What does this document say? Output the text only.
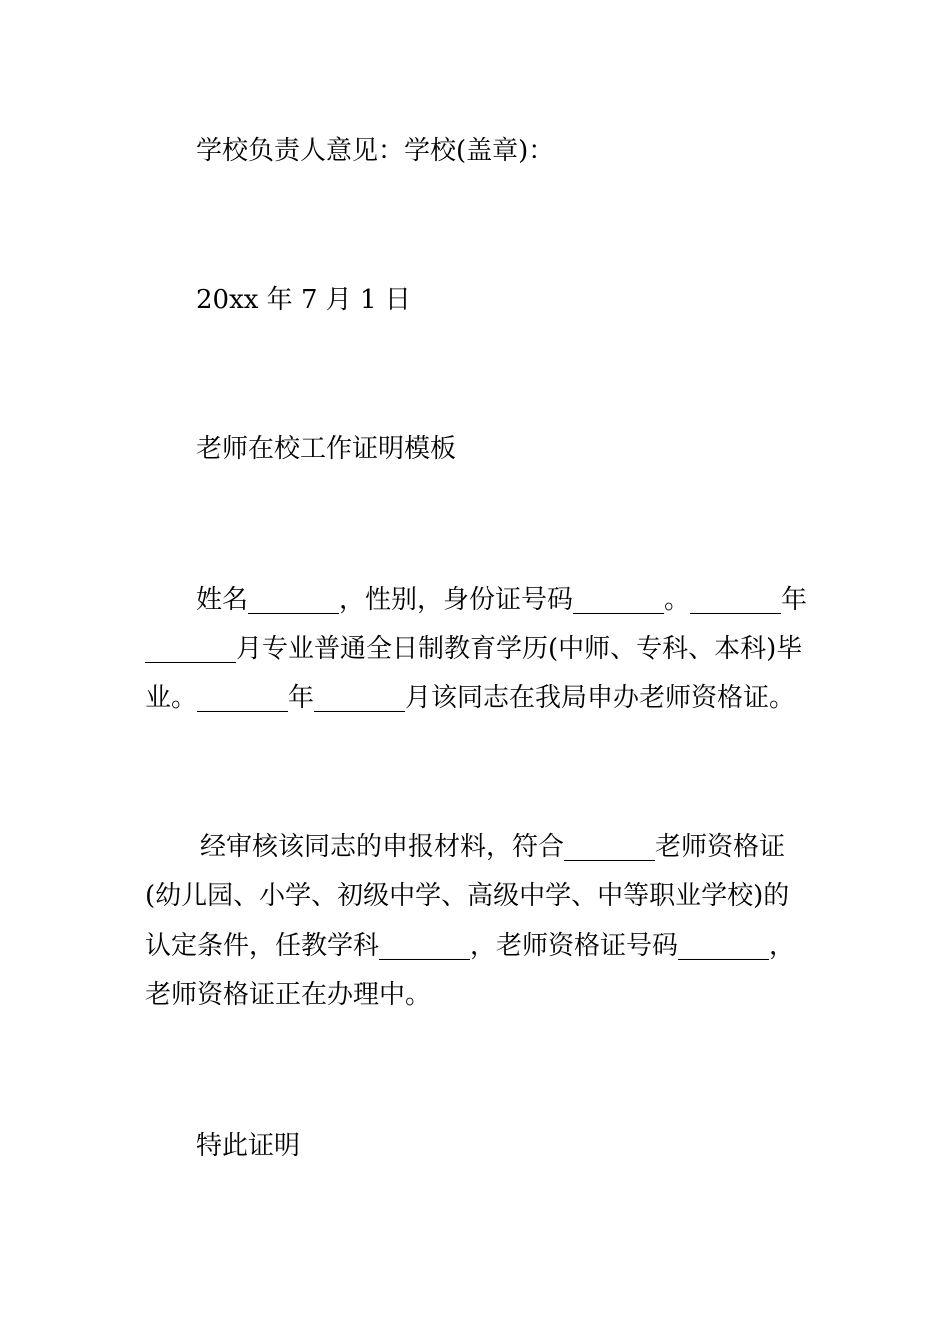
学校负责人意见：学校(盖章)：
20xx 年 7 月 1 日
老师在校工作证明模板
姓名_______，性别，身份证号码_______。_______年
_______月专业普通全日制教育学历(中师、专科、本科)毕
业。_______年_______月该同志在我局申办老师资格证。
经审核该同志的申报材料，符合_______老师资格证
(幼儿园、小学、初级中学、高级中学、中等职业学校)的
认定条件，任教学科_______，老师资格证号码_______，
老师资格证正在办理中。
特此证明
